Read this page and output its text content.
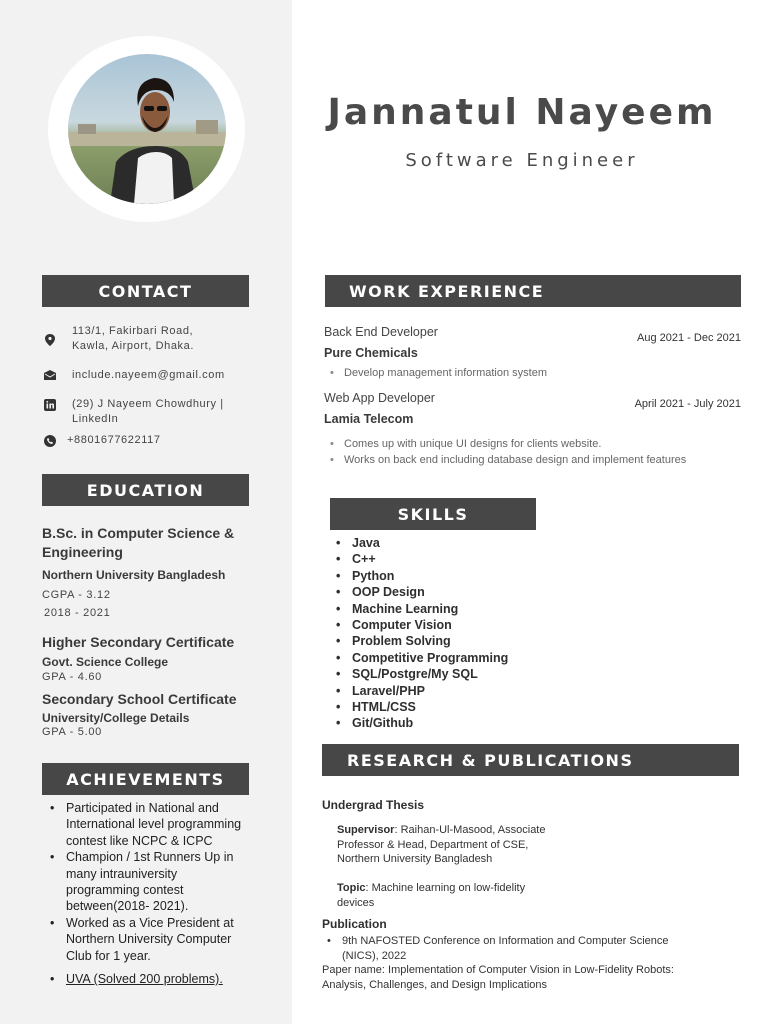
Jannatul Nayeem
Software Engineer
CONTACT
113/1, Fakirbari Road, Kawla, Airport, Dhaka.
include.nayeem@gmail.com
(29) J Nayeem Chowdhury | LinkedIn
+8801677622117
EDUCATION
B.Sc. in Computer Science & Engineering
Northern University Bangladesh
CGPA - 3.12
2018 - 2021
Higher Secondary Certificate
Govt. Science College
GPA - 4.60
Secondary School Certificate
University/College Details
GPA - 5.00
ACHIEVEMENTS
• Participated in National and International level programming contest like NCPC & ICPC
• Champion / 1st Runners Up in many intrauniversity programming contest between(2018- 2021).
• Worked as a Vice President at Northern University Computer Club for 1 year.
• UVA (Solved 200 problems).
WORK EXPERIENCE
Back End Developer	Aug 2021 - Dec 2021
Pure Chemicals
• Develop management information system
Web App Developer	April 2021 - July 2021
Lamia Telecom
• Comes up with unique UI designs for clients website.
• Works on back end including database design and implement features
SKILLS
• Java
• C++
• Python
• OOP Design
• Machine Learning
• Computer Vision
• Problem Solving
• Competitive Programming
• SQL/Postgre/My SQL
• Laravel/PHP
• HTML/CSS
• Git/Github
RESEARCH & PUBLICATIONS
Undergrad Thesis
Supervisor: Raihan-Ul-Masood, Associate Professor & Head, Department of CSE, Northern University Bangladesh
Topic: Machine learning on low-fidelity devices
Publication
• 9th NAFOSTED Conference on Information and Computer Science (NICS), 2022
Paper name: Implementation of Computer Vision in Low-Fidelity Robots: Analysis, Challenges, and Design Implications
